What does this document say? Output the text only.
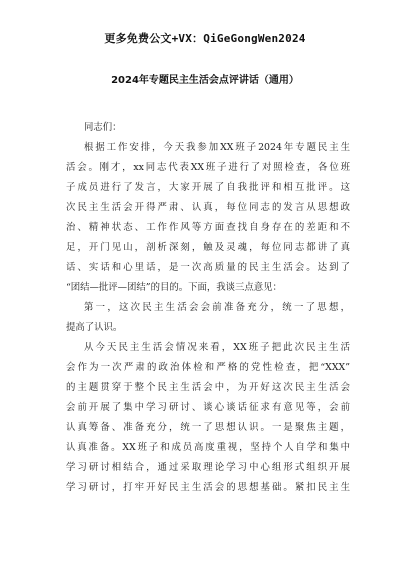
更多免费公文+VX：QiGeGongWen2024
2024年专题民主生活会点评讲话（通用）
同志们：
根据工作安排，今天我参加XX班子2024年专题民主生
活会。刚才，xx同志代表XX班子进行了对照检查，各位班
子成员进行了发言，大家开展了自我批评和相互批评。这
次民主生活会开得严肃、认真，每位同志的发言从思想政
治、精神状态、工作作风等方面查找自身存在的差距和不
足，开门见山，剖析深刻，触及灵魂，每位同志都讲了真
话、实话和心里话，是一次高质量的民主生活会。达到了
“团结—批评—团结”的目的。下面，我谈三点意见：
第一，这次民主生活会会前准备充分，统一了思想，
提高了认识。
从今天民主生活会情况来看，XX班子把此次民主生活
会作为一次严肃的政治体检和严格的党性检查，把“XXX”
的主题贯穿于整个民主生活会中，为开好这次民主生活会
会前开展了集中学习研讨、谈心谈话征求有意见等，会前
认真筹备、准备充分，统一了思想认识。一是聚焦主题，
认真准备。XX班子和成员高度重视，坚持个人自学和集中
学习研讨相结合，通过采取理论学习中心组形式组织开展
学习研讨，打牢开好民主生活会的思想基础。紧扣民主生
